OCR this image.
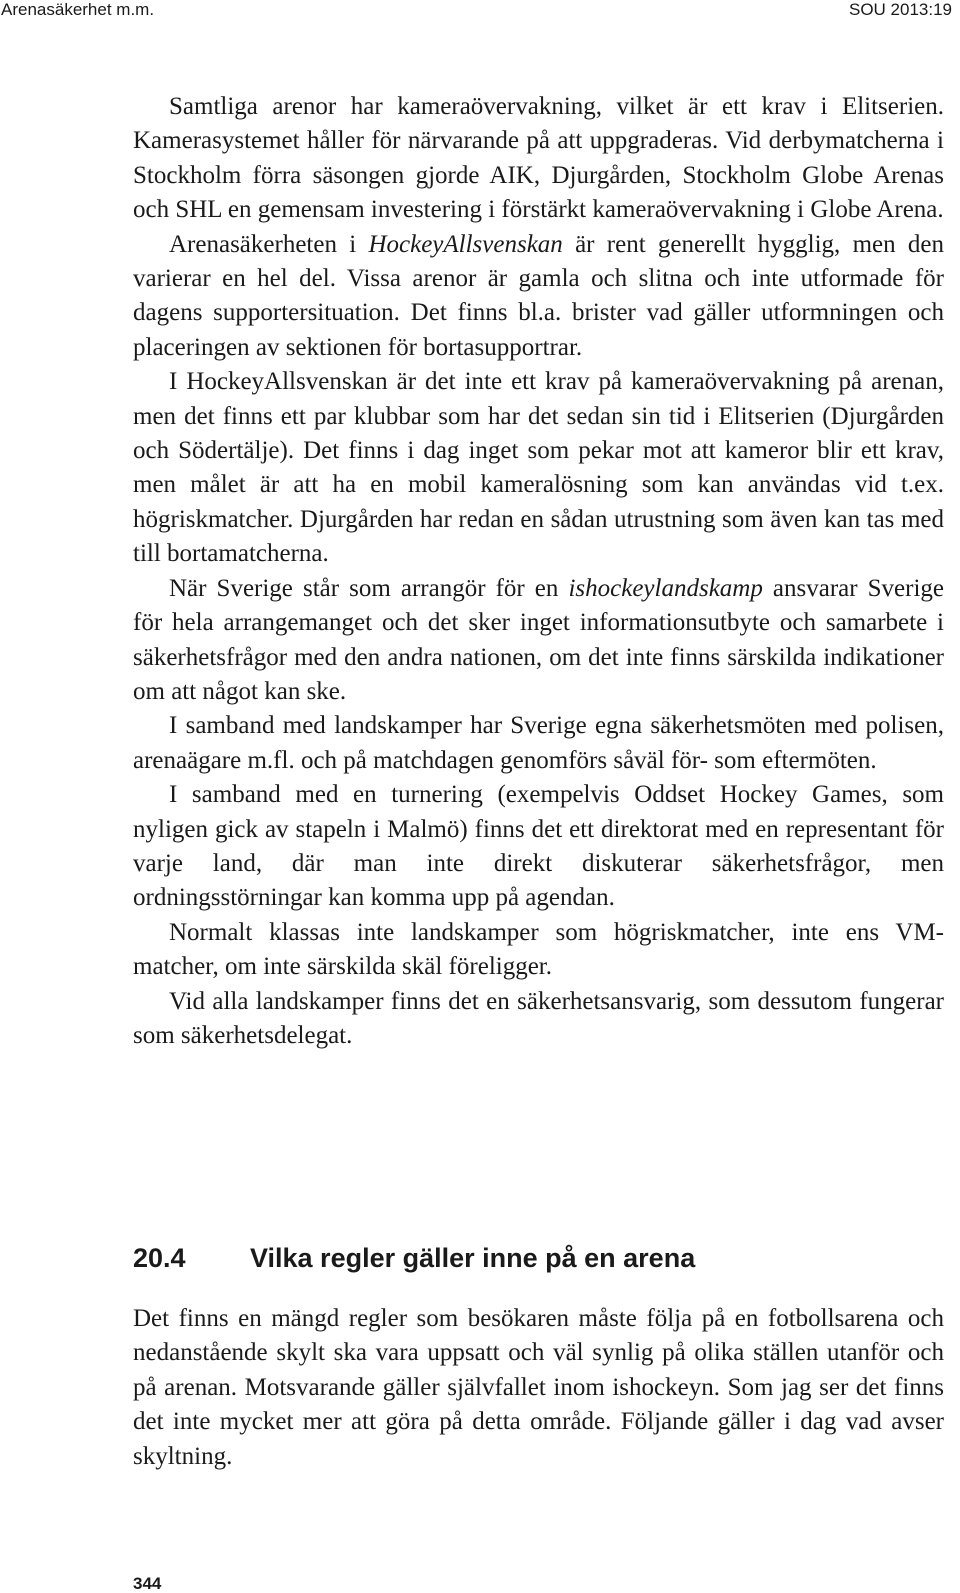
Arenasäkerhet m.m.	SOU 2013:19

Samtliga arenor har kameraövervakning, vilket är ett krav i Elitserien. Kamerasystemet håller för närvarande på att uppgraderas. Vid derbymatcherna i Stockholm förra säsongen gjorde AIK, Djurgården, Stockholm Globe Arenas och SHL en gemensam investering i förstärkt kameraövervakning i Globe Arena.

Arenasäkerheten i HockeyAllsvenskan är rent generellt hygglig, men den varierar en hel del. Vissa arenor är gamla och slitna och inte utformade för dagens supportersituation. Det finns bl.a. brister vad gäller utformningen och placeringen av sektionen för bortasupportrar.

I HockeyAllsvenskan är det inte ett krav på kameraövervakning på arenan, men det finns ett par klubbar som har det sedan sin tid i Elitserien (Djurgården och Södertälje). Det finns i dag inget som pekar mot att kameror blir ett krav, men målet är att ha en mobil kameralösning som kan användas vid t.ex. högriskmatcher. Djurgården har redan en sådan utrustning som även kan tas med till bortamatcherna.

När Sverige står som arrangör för en ishockeylandskamp ansvarar Sverige för hela arrangemanget och det sker inget informationsutbyte och samarbete i säkerhetsfrågor med den andra nationen, om det inte finns särskilda indikationer om att något kan ske.

I samband med landskamper har Sverige egna säkerhetsmöten med polisen, arenaägare m.fl. och på matchdagen genomförs såväl för- som eftermöten.

I samband med en turnering (exempelvis Oddset Hockey Games, som nyligen gick av stapeln i Malmö) finns det ett direktorat med en representant för varje land, där man inte direkt diskuterar säkerhetsfrågor, men ordningsstörningar kan komma upp på agendan.

Normalt klassas inte landskamper som högriskmatcher, inte ens VM-matcher, om inte särskilda skäl föreligger.

Vid alla landskamper finns det en säkerhetsansvarig, som dessutom fungerar som säkerhetsdelegat.

20.4 Vilka regler gäller inne på en arena

Det finns en mängd regler som besökaren måste följa på en fotbollsarena och nedanstående skylt ska vara uppsatt och väl synlig på olika ställen utanför och på arenan. Motsvarande gäller självfallet inom ishockeyn. Som jag ser det finns det inte mycket mer att göra på detta område. Följande gäller i dag vad avser skyltning.

344
